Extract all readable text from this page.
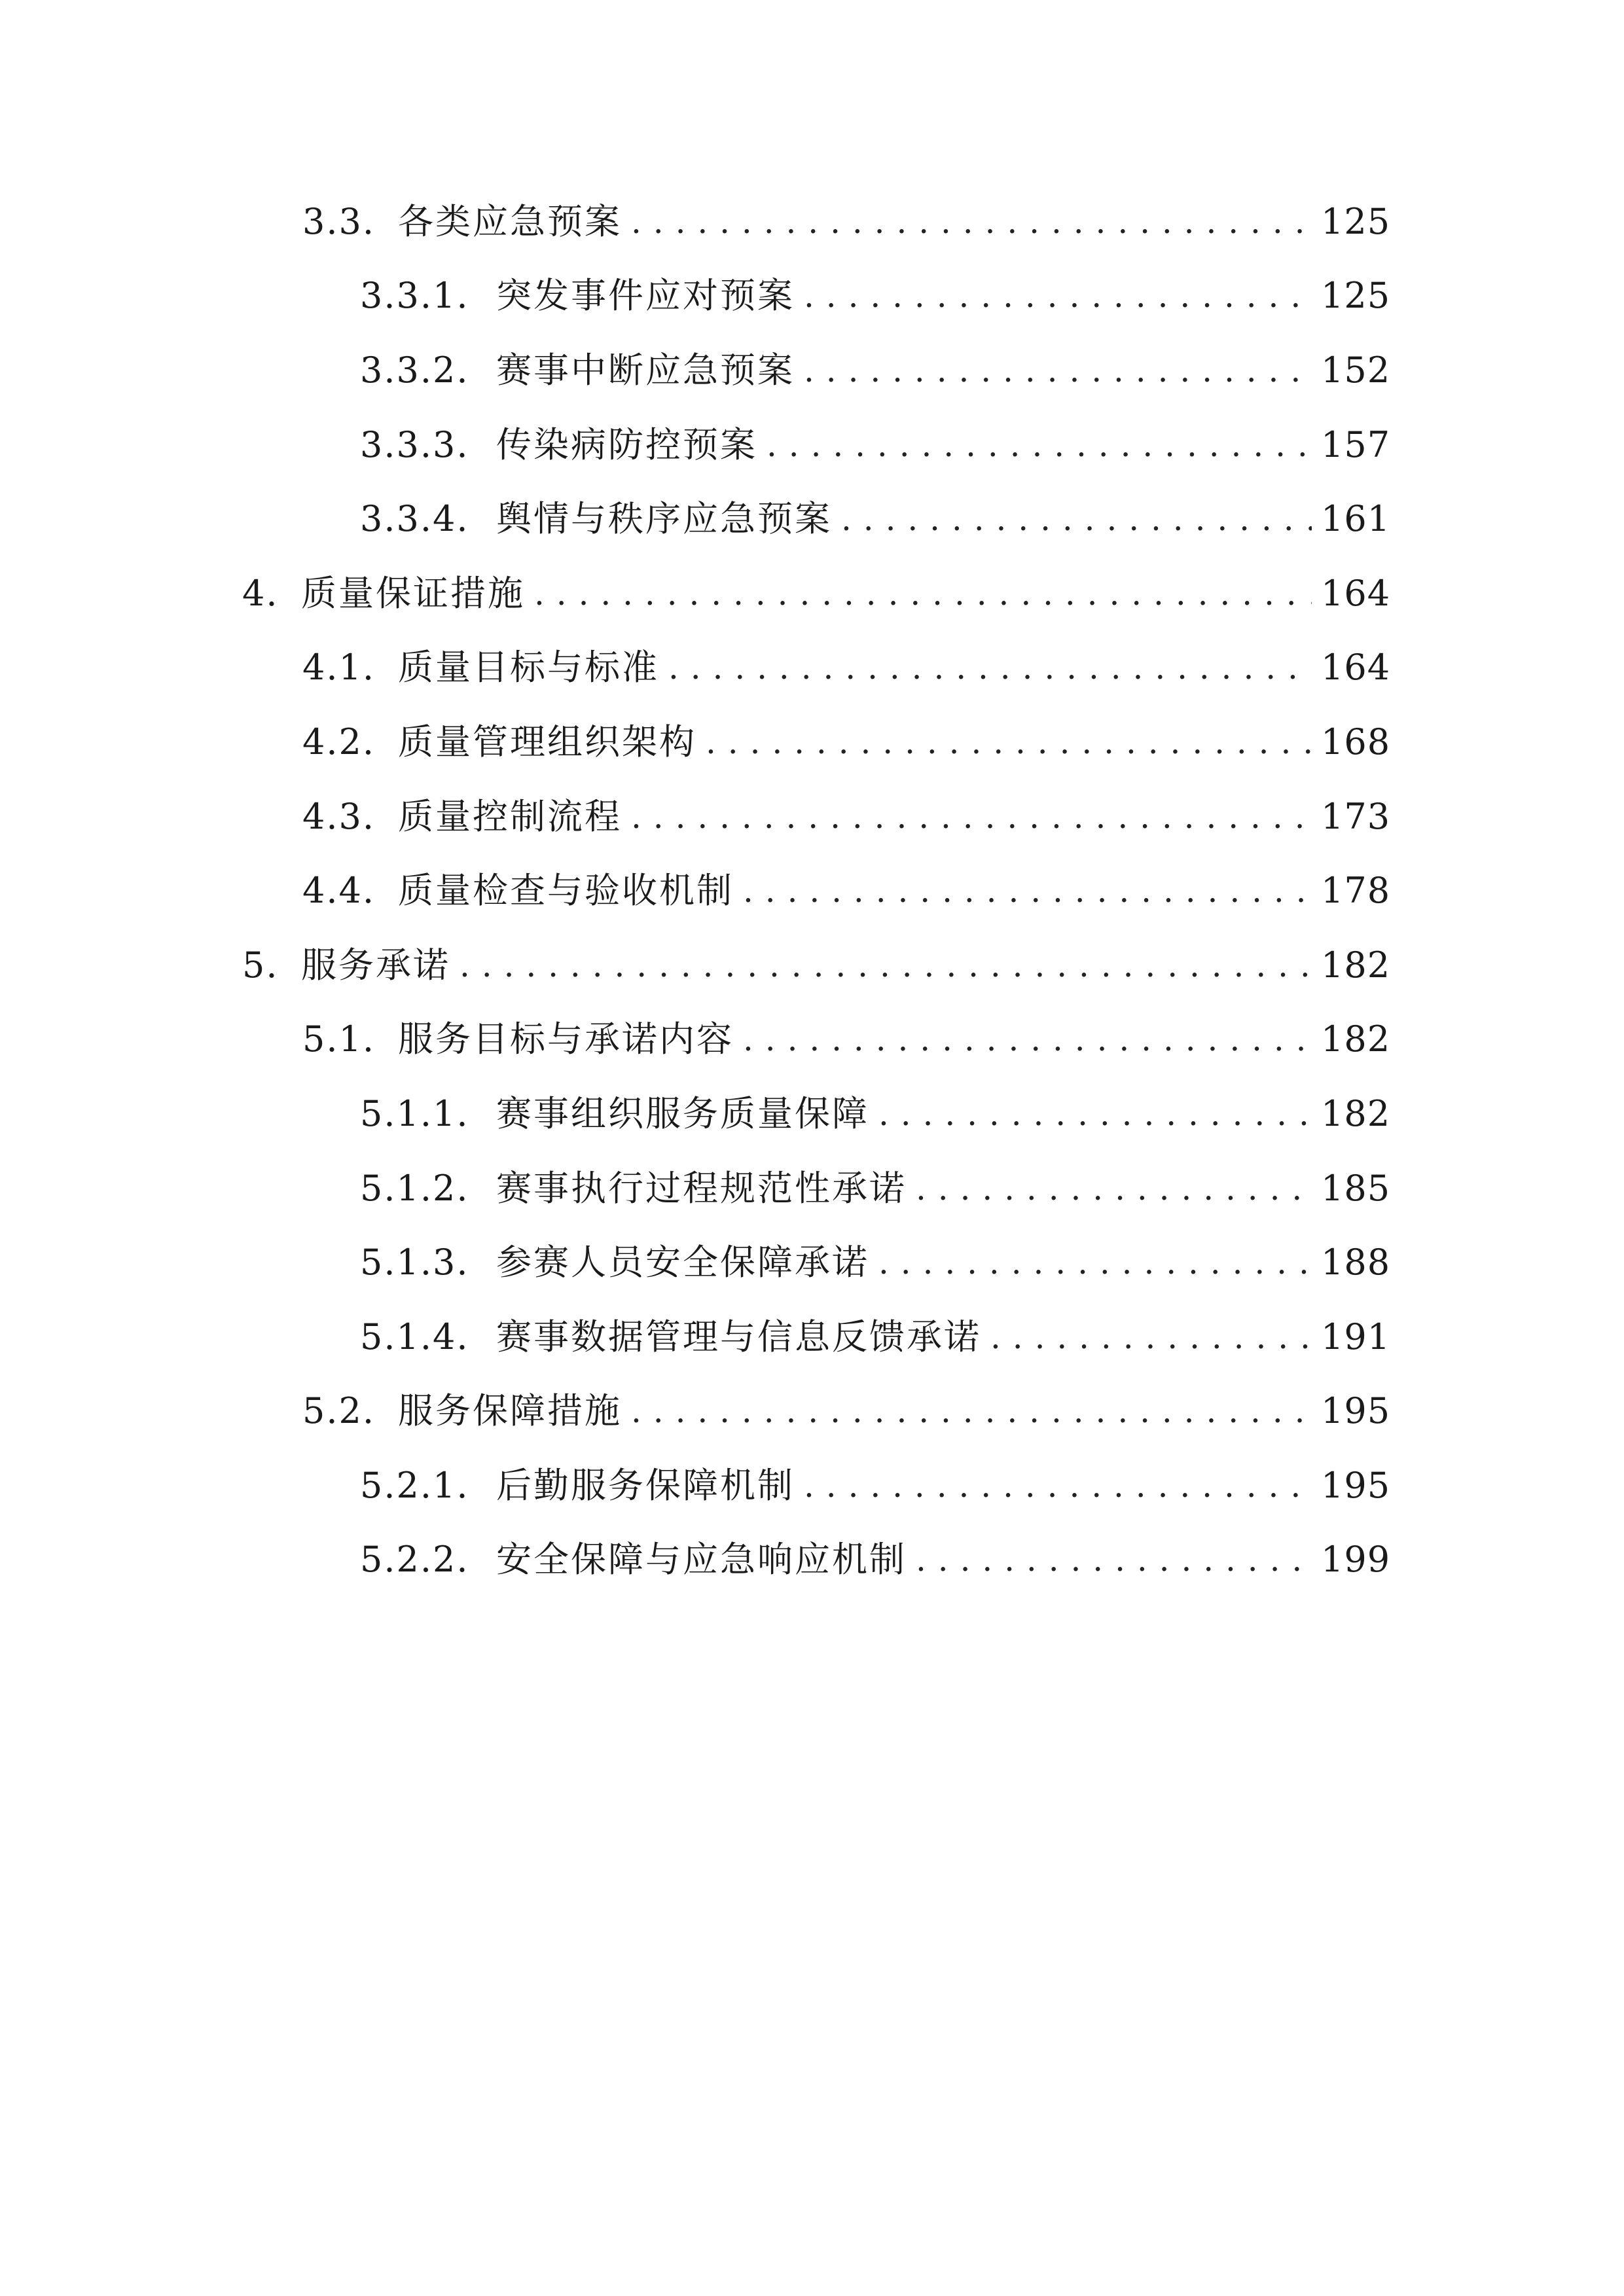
3.3. 各类应急预案 . . .	125
3.3.1. 突发事件应对预案 . . .	125
3.3.2. 赛事中断应急预案 . . .	152
3.3.3. 传染病防控预案 . . .	157
3.3.4. 舆情与秩序应急预案 . . .	161
4. 质量保证措施 . . .	164
4.1. 质量目标与标准 . . .	164
4.2. 质量管理组织架构 . . .	168
4.3. 质量控制流程 . . .	173
4.4. 质量检查与验收机制 . . .	178
5. 服务承诺 . . .	182
5.1. 服务目标与承诺内容 . . .	182
5.1.1. 赛事组织服务质量保障 . . .	182
5.1.2. 赛事执行过程规范性承诺 . . .	185
5.1.3. 参赛人员安全保障承诺 . . .	188
5.1.4. 赛事数据管理与信息反馈承诺 . . .	191
5.2. 服务保障措施 . . .	195
5.2.1. 后勤服务保障机制 . . .	195
5.2.2. 安全保障与应急响应机制 . . .	199
